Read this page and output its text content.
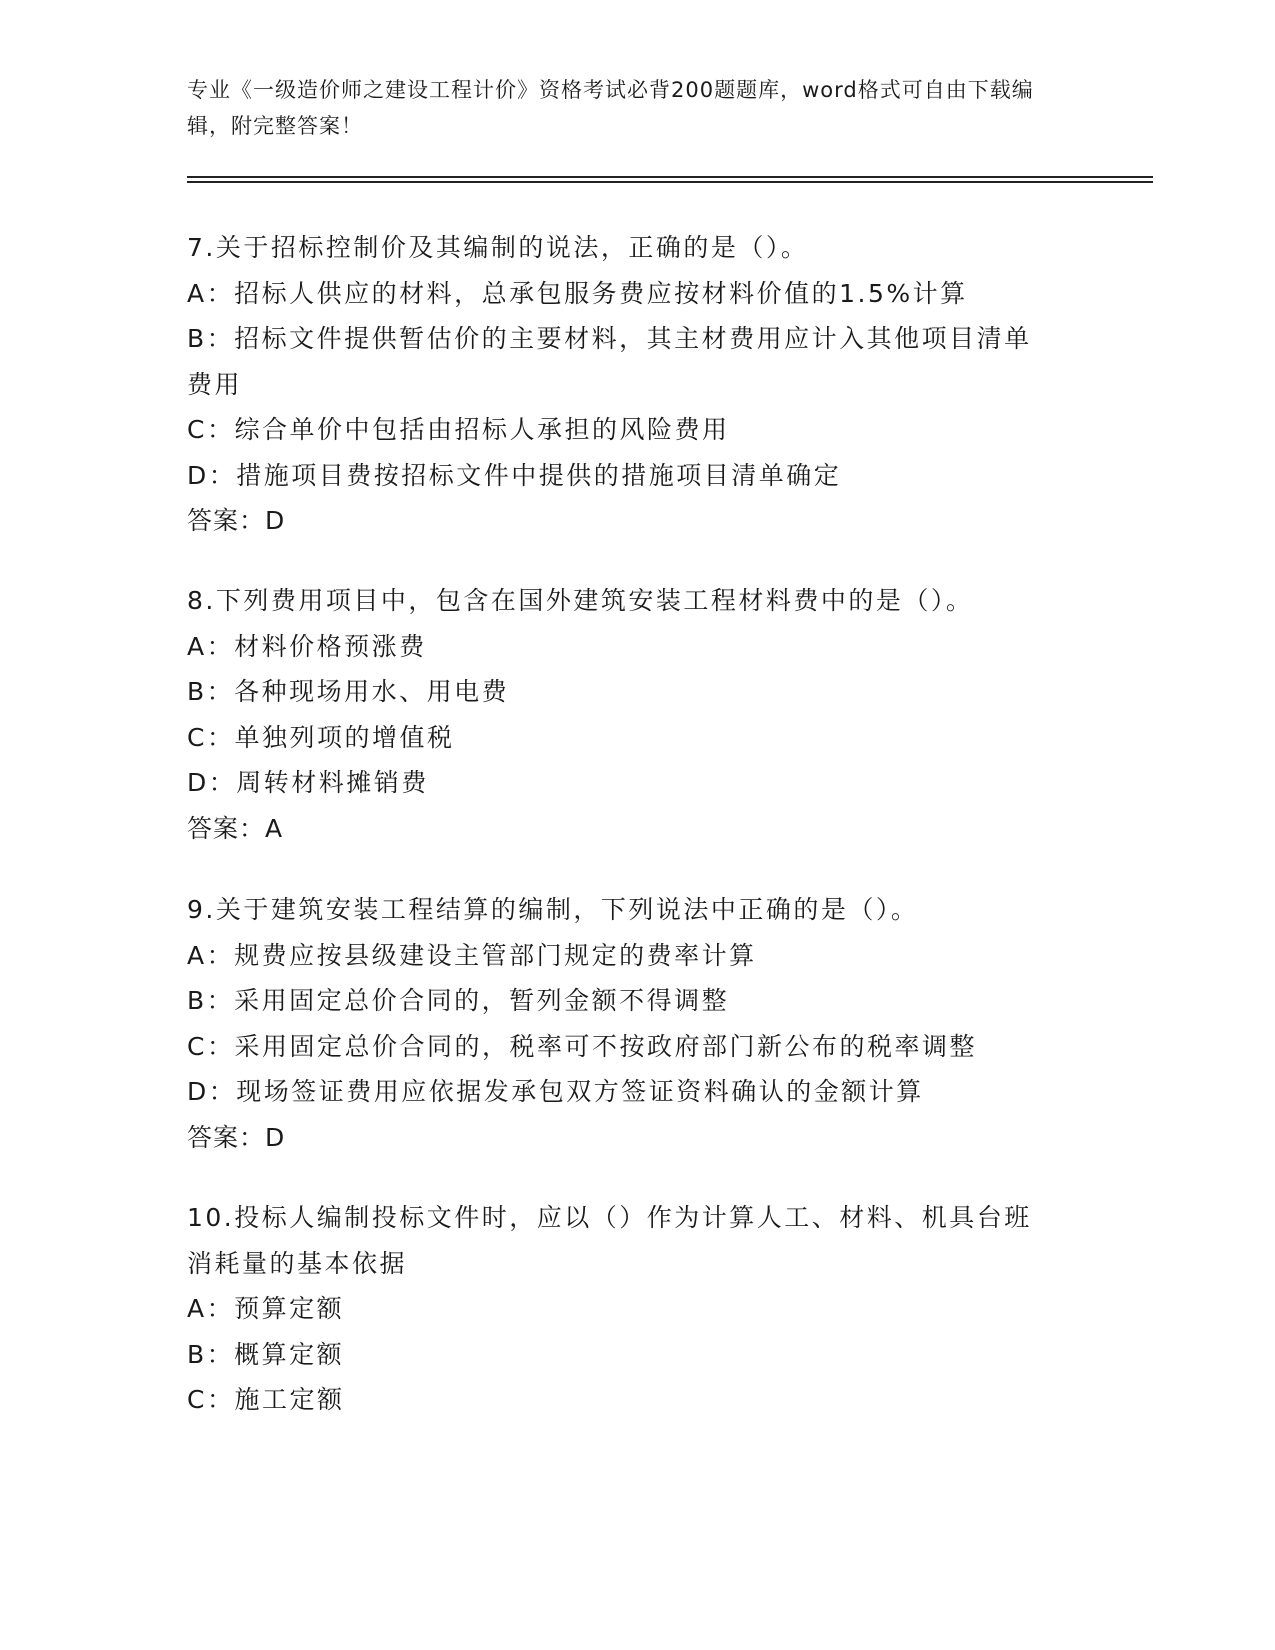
专业《一级造价师之建设工程计价》资格考试必背200题题库，word格式可自由下载编辑，附完整答案！
7.关于招标控制价及其编制的说法，正确的是（）。
A：招标人供应的材料，总承包服务费应按材料价值的1.5%计算
B：招标文件提供暂估价的主要材料，其主材费用应计入其他项目清单费用
C：综合单价中包括由招标人承担的风险费用
D：措施项目费按招标文件中提供的措施项目清单确定
答案：D
8.下列费用项目中，包含在国外建筑安装工程材料费中的是（）。
A：材料价格预涨费
B：各种现场用水、用电费
C：单独列项的增值税
D：周转材料摊销费
答案：A
9.关于建筑安装工程结算的编制，下列说法中正确的是（）。
A：规费应按县级建设主管部门规定的费率计算
B：采用固定总价合同的，暂列金额不得调整
C：采用固定总价合同的，税率可不按政府部门新公布的税率调整
D：现场签证费用应依据发承包双方签证资料确认的金额计算
答案：D
10.投标人编制投标文件时，应以（）作为计算人工、材料、机具台班消耗量的基本依据
A：预算定额
B：概算定额
C：施工定额
